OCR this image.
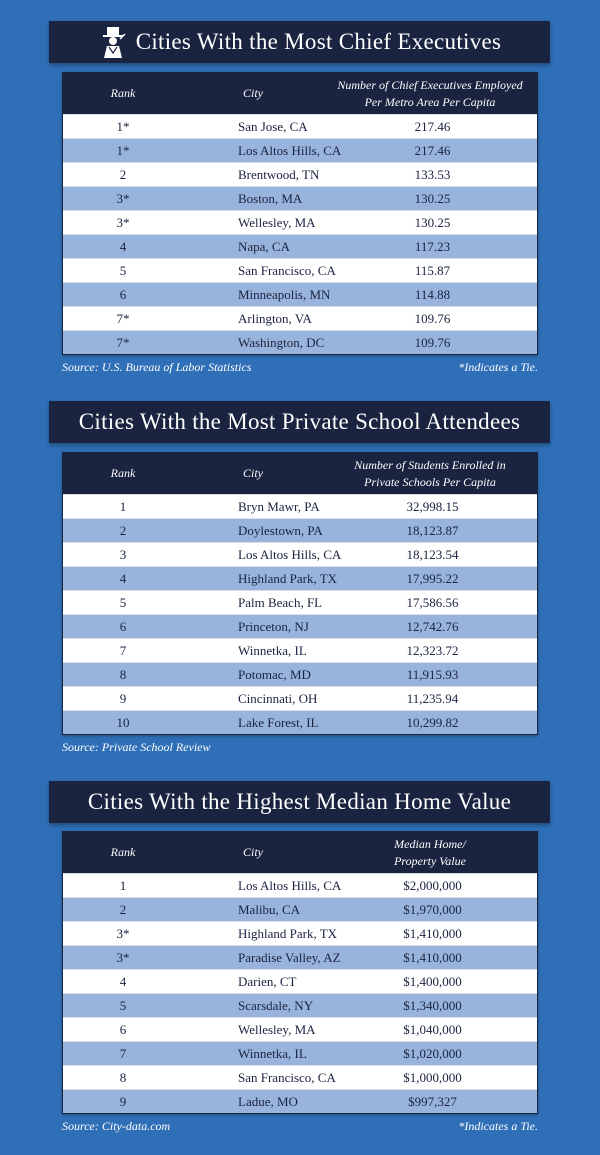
Cities With the Most Chief Executives
Rank	City
Number of Chief Executives Employed
Per Metro Area Per Capita
1*	San Jose, CA	217.46
1*	Los Altos Hills, CA	217.46
2	Brentwood, TN	133.53
3*	Boston, MA	130.25
3*	Wellesley, MA	130.25
4	Napa, CA	117.23
5	San Francisco, CA	115.87
6	Minneapolis, MN	114.88
7*	Arlington, VA	109.76
7*	Washington, DC	109.76
Source: U.S. Bureau of Labor Statistics	*Indicates a Tie.
Cities With the Most Private School Attendees
Rank	City
Number of Students Enrolled in
Private Schools Per Capita
1	Bryn Mawr, PA	32,998.15
2	Doylestown, PA	18,123.87
3	Los Altos Hills, CA	18,123.54
4	Highland Park, TX	17,995.22
5	Palm Beach, FL	17,586.56
6	Princeton, NJ	12,742.76
7	Winnetka, IL	12,323.72
8	Potomac, MD	11,915.93
9	Cincinnati, OH	11,235.94
10	Lake Forest, IL	10,299.82
Source: Private School Review
Cities With the Highest Median Home Value
Rank	City
Median Home/
Property Value
1	Los Altos Hills, CA	$2,000,000
2	Malibu, CA	$1,970,000
3*	Highland Park, TX	$1,410,000
3*	Paradise Valley, AZ	$1,410,000
4	Darien, CT	$1,400,000
5	Scarsdale, NY	$1,340,000
6	Wellesley, MA	$1,040,000
7	Winnetka, IL	$1,020,000
8	San Francisco, CA	$1,000,000
9	Ladue, MO	$997,327
Source: City-data.com	*Indicates a Tie.
